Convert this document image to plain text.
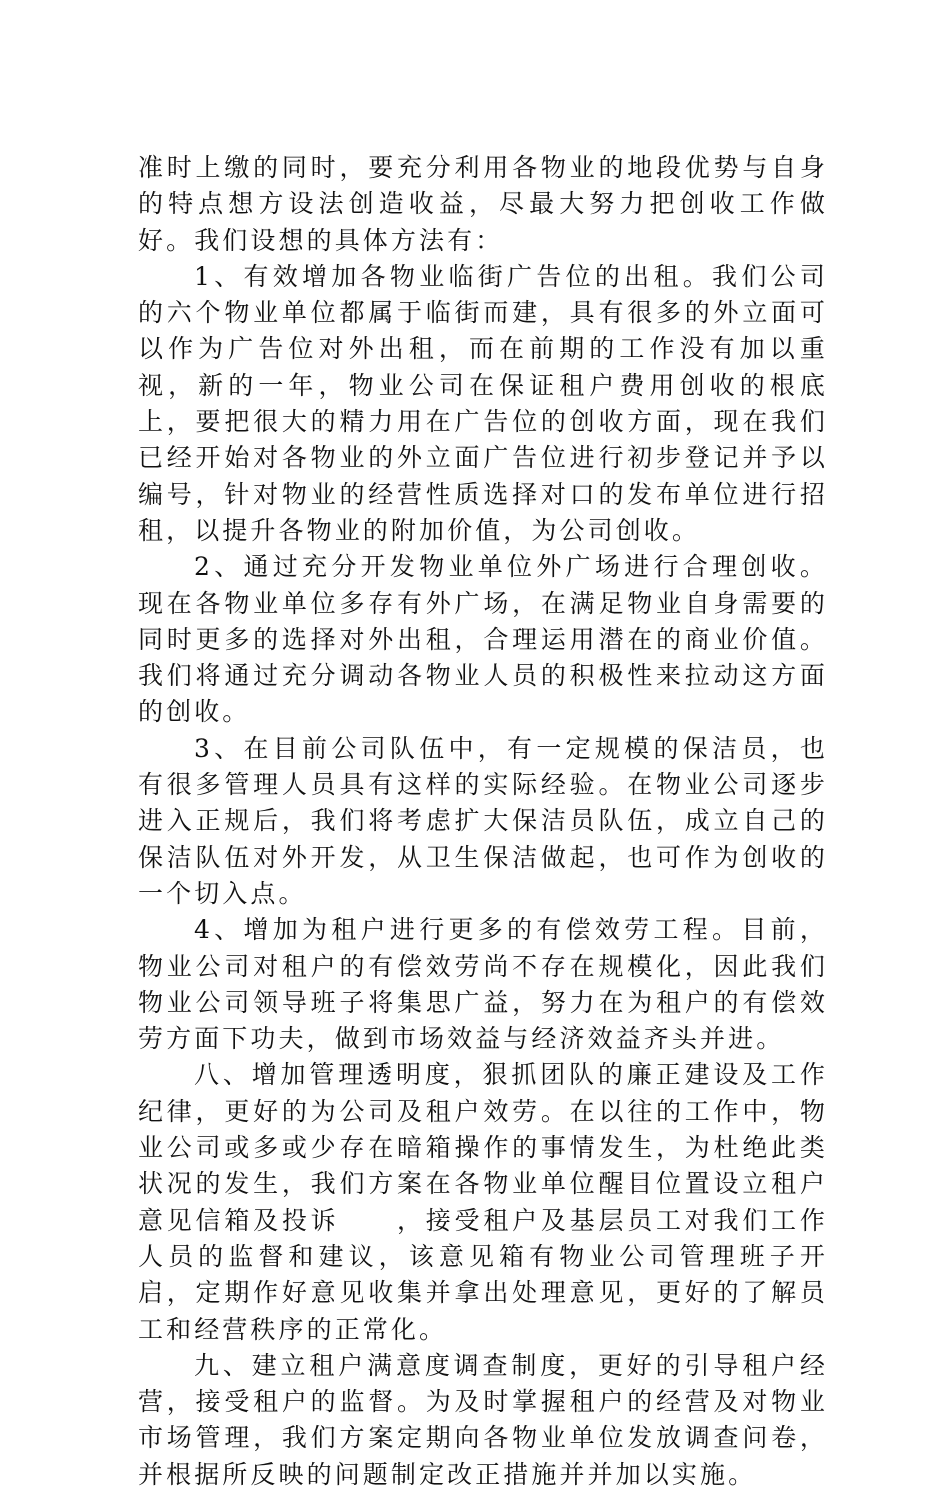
准时上缴的同时，要充分利用各物业的地段优势与自身的特点想方设法创造收益，尽最大努力把创收工作做好。我们设想的具体方法有：

1、有效增加各物业临街广告位的出租。我们公司的六个物业单位都属于临街而建，具有很多的外立面可以作为广告位对外出租，而在前期的工作没有加以重视，新的一年，物业公司在保证租户费用创收的根底上，要把很大的精力用在广告位的创收方面，现在我们已经开始对各物业的外立面广告位进行初步登记并予以编号，针对物业的经营性质选择对口的发布单位进行招租，以提升各物业的附加价值，为公司创收。

2、通过充分开发物业单位外广场进行合理创收。现在各物业单位多存有外广场，在满足物业自身需要的同时更多的选择对外出租，合理运用潜在的商业价值。我们将通过充分调动各物业人员的积极性来拉动这方面的创收。

3、在目前公司队伍中，有一定规模的保洁员，也有很多管理人员具有这样的实际经验。在物业公司逐步进入正规后，我们将考虑扩大保洁员队伍，成立自己的保洁队伍对外开发，从卫生保洁做起，也可作为创收的一个切入点。

4、增加为租户进行更多的有偿效劳工程。目前，物业公司对租户的有偿效劳尚不存在规模化，因此我们物业公司领导班子将集思广益，努力在为租户的有偿效劳方面下功夫，做到市场效益与经济效益齐头并进。

八、增加管理透明度，狠抓团队的廉正建设及工作纪律，更好的为公司及租户效劳。在以往的工作中，物业公司或多或少存在暗箱操作的事情发生，为杜绝此类状况的发生，我们方案在各物业单位醒目位置设立租户意见信箱及投诉　　，接受租户及基层员工对我们工作人员的监督和建议，该意见箱有物业公司管理班子开启，定期作好意见收集并拿出处理意见，更好的了解员工和经营秩序的正常化。

九、建立租户满意度调查制度，更好的引导租户经营，接受租户的监督。为及时掌握租户的经营及对物业市场管理，我们方案定期向各物业单位发放调查问卷，并根据所反映的问题制定改正措施并并加以实施。
